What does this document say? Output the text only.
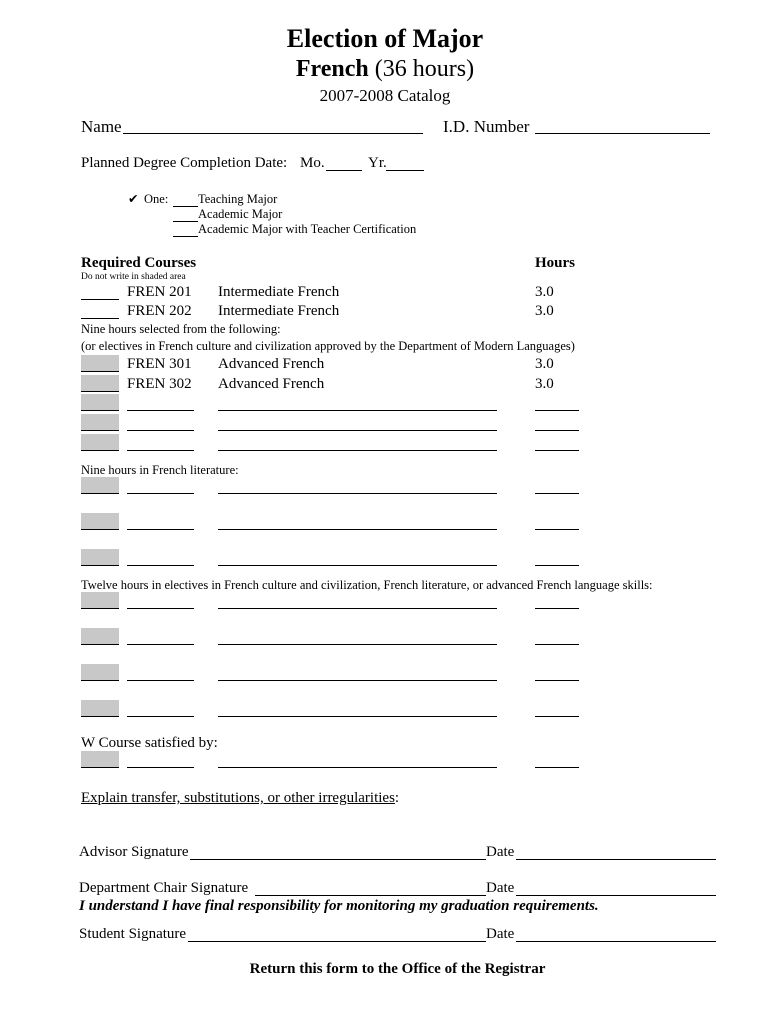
Election of Major
French (36 hours)
2007-2008 Catalog
Name	I.D. Number
Planned Degree Completion Date: Mo.	Yr.
✔ One: Teaching Major
Academic Major
Academic Major with Teacher Certification
Required Courses
Do not write in shaded area
Hours
FREN 201 Intermediate French	3.0
FREN 202 Intermediate French	3.0
Nine hours selected from the following:
(or electives in French culture and civilization approved by the Department of Modern Languages)
FREN 301 Advanced French	3.0
FREN 302 Advanced French	3.0
Nine hours in French literature:
Twelve hours in electives in French culture and civilization, French literature, or advanced French language skills:
W Course satisfied by:
Explain transfer, substitutions, or other irregularities:
Advisor Signature	Date
Department Chair Signature	Date
I understand I have final responsibility for monitoring my graduation requirements.
Student Signature	Date
Return this form to the Office of the Registrar
